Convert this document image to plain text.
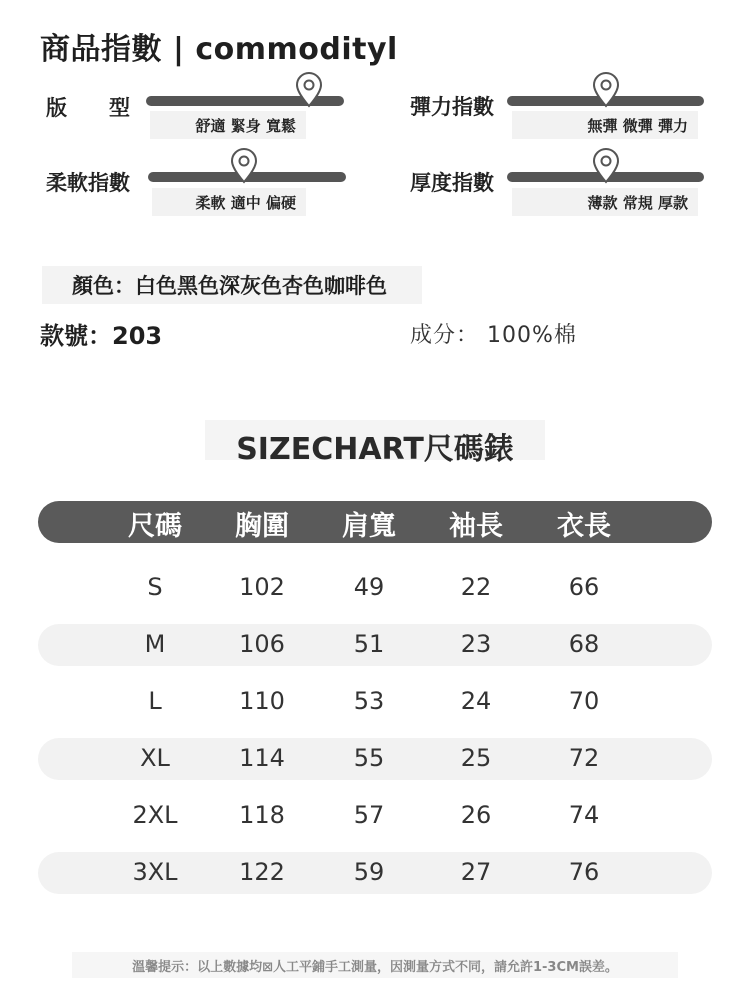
商品指數 | commodityl
版 型
舒適 緊身 寬鬆
彈力指數
無彈 微彈 彈力
柔軟指數
柔軟 適中 偏硬
厚度指數
薄款 常規 厚款
顏色：白色黑色深灰色杏色咖啡色
款號：203	成分： 100%棉
SIZECHART尺碼錶
尺碼 胸圍 肩寬 袖長 衣長
S	102	49	22	66
M	106	51	23	68
L	110	53	24	70
XL	114	55	25	72
2XL	118	57	26	74
3XL	122	59	27	76
溫馨提示：以上數據均⊠人工平鋪手工測量，因測量方式不同，請允許1-3CM誤差。
